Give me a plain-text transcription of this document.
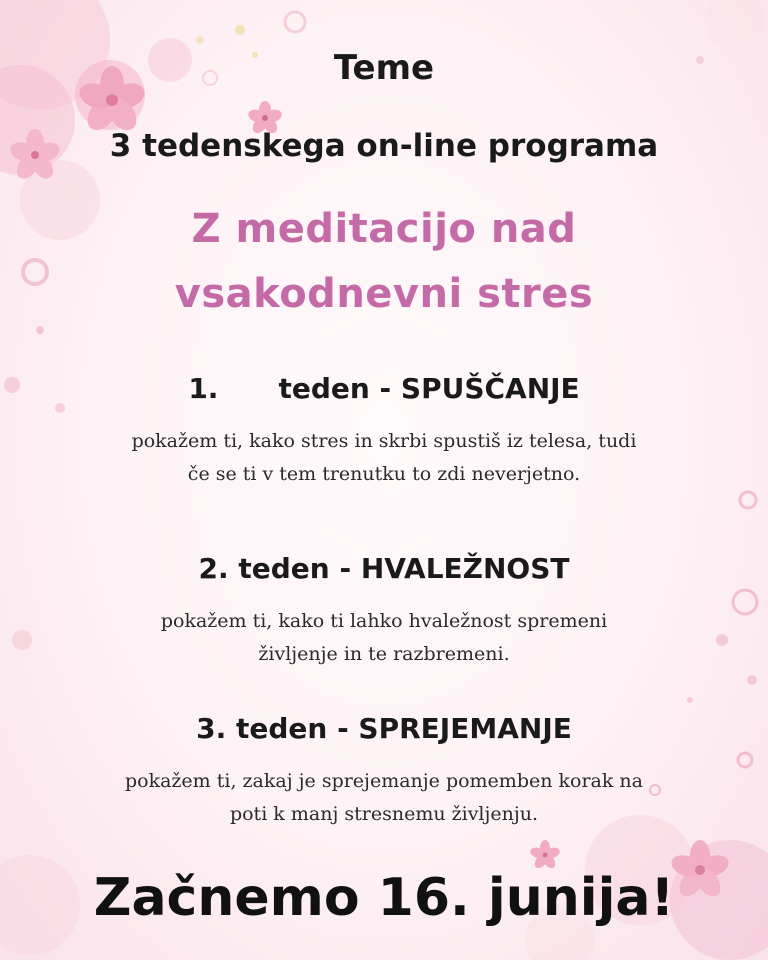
Teme

3 tedenskega on-line programa

Z meditacijo nad

vsakodnevni stres

1. teden - SPUŠČANJE

pokažem ti, kako stres in skrbi spustiš iz telesa, tudi

če se ti v tem trenutku to zdi neverjetno.

2. teden - HVALEŽNOST

pokažem ti, kako ti lahko hvaležnost spremeni

življenje in te razbremeni.

3. teden - SPREJEMANJE

pokažem ti, zakaj je sprejemanje pomemben korak na

poti k manj stresnemu življenju.

Začnemo 16. junija!
